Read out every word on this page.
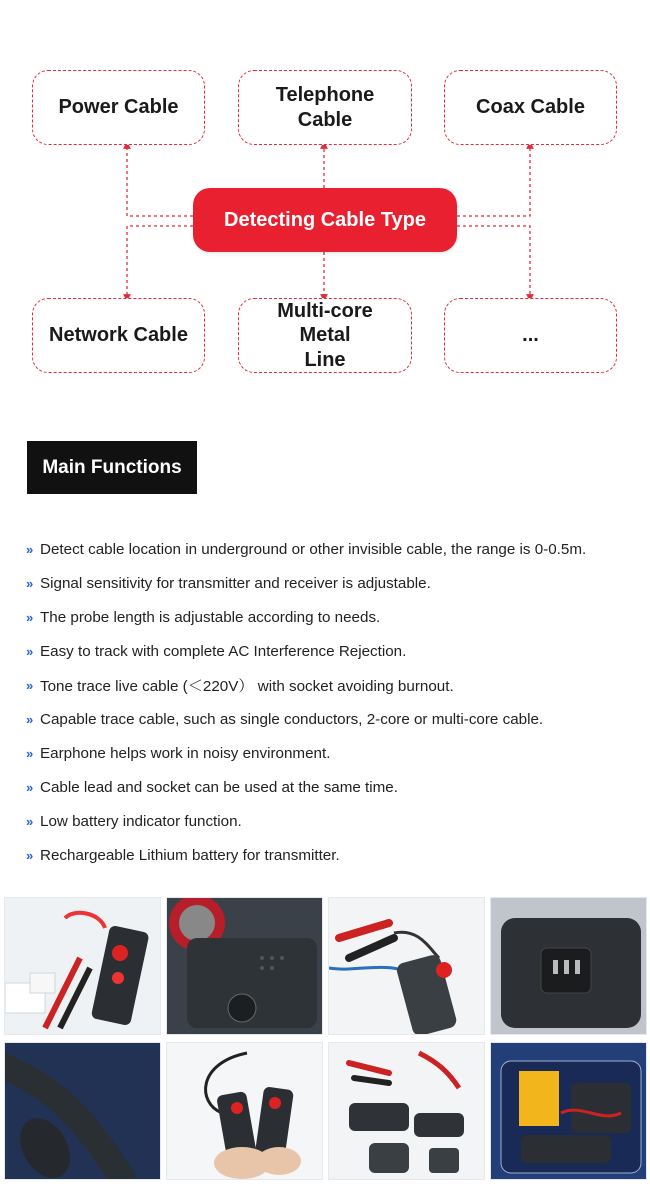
Power Cable
Telephone Cable
Coax Cable
Detecting Cable Type
Network Cable
Multi-core Metal
Line
...
Main Functions
» Detect cable location in underground or other invisible cable, the range is 0-0.5m.
» Signal sensitivity for transmitter and receiver is adjustable.
» The probe length is adjustable according to needs.
» Easy to track with complete AC Interference Rejection.
» Tone trace live cable (＜220V） with socket avoiding burnout.
» Capable trace cable, such as single conductors, 2-core or multi-core cable.
» Earphone helps work in noisy environment.
» Cable lead and socket can be used at the same time.
» Low battery indicator function.
» Rechargeable Lithium battery for transmitter.
